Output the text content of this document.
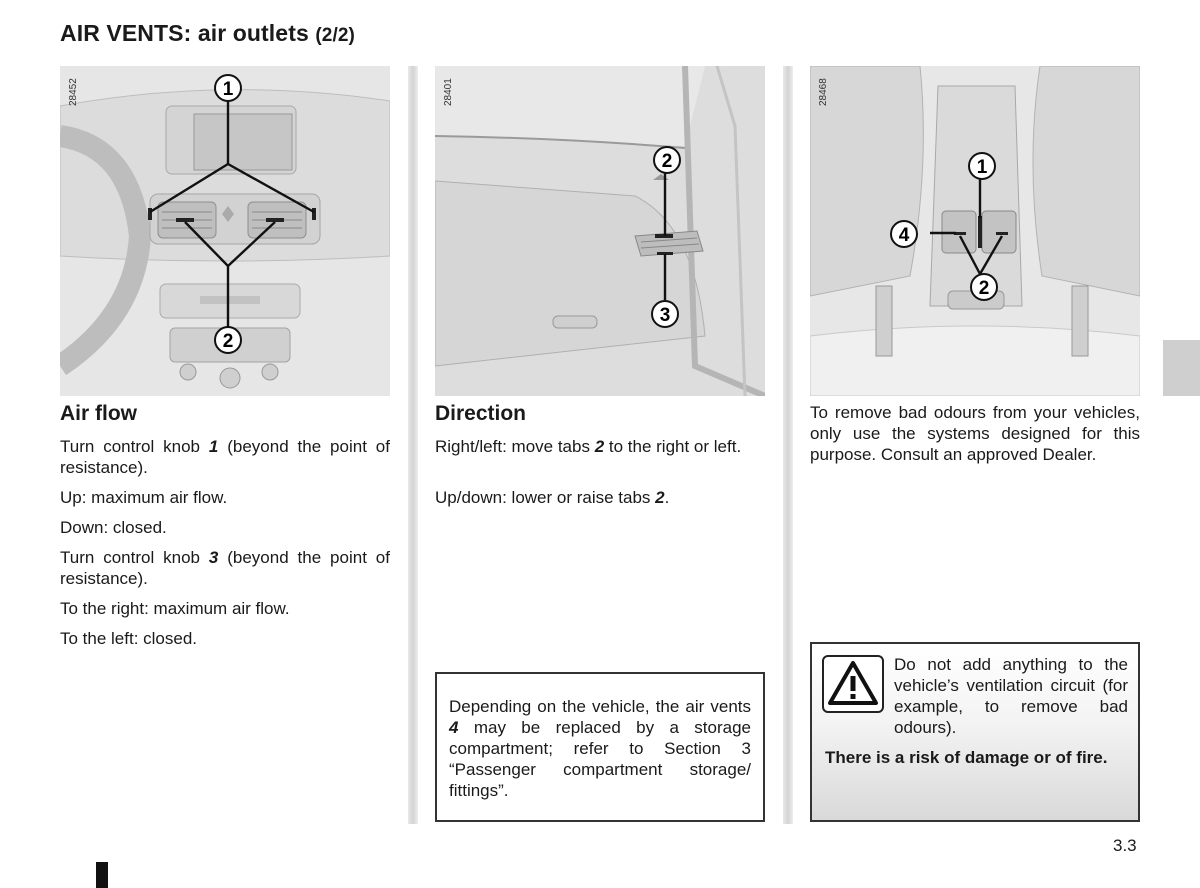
AIR VENTS: air outlets (2/2)
1
2
28452
2
3
28401
1
4
2
28468
Air flow
Turn control knob 1 (beyond the point of resistance).
Up: maximum air flow.
Down: closed.
Turn control knob 3 (beyond the point of resistance).
To the right: maximum air flow.
To the left: closed.
Direction
Right/left: move tabs 2 to the right or left.
Up/down: lower or raise tabs 2.
Depending on the vehicle, the air vents 4 may be replaced by a storage compartment; refer to Section 3 “Passenger compartment storage/ fittings”.
To remove bad odours from your vehicles, only use the systems designed for this purpose. Consult an approved Dealer.
Do not add anything to the vehicle’s ventilation circuit (for example, to remove bad odours).
There is a risk of damage or of fire.
3.3
